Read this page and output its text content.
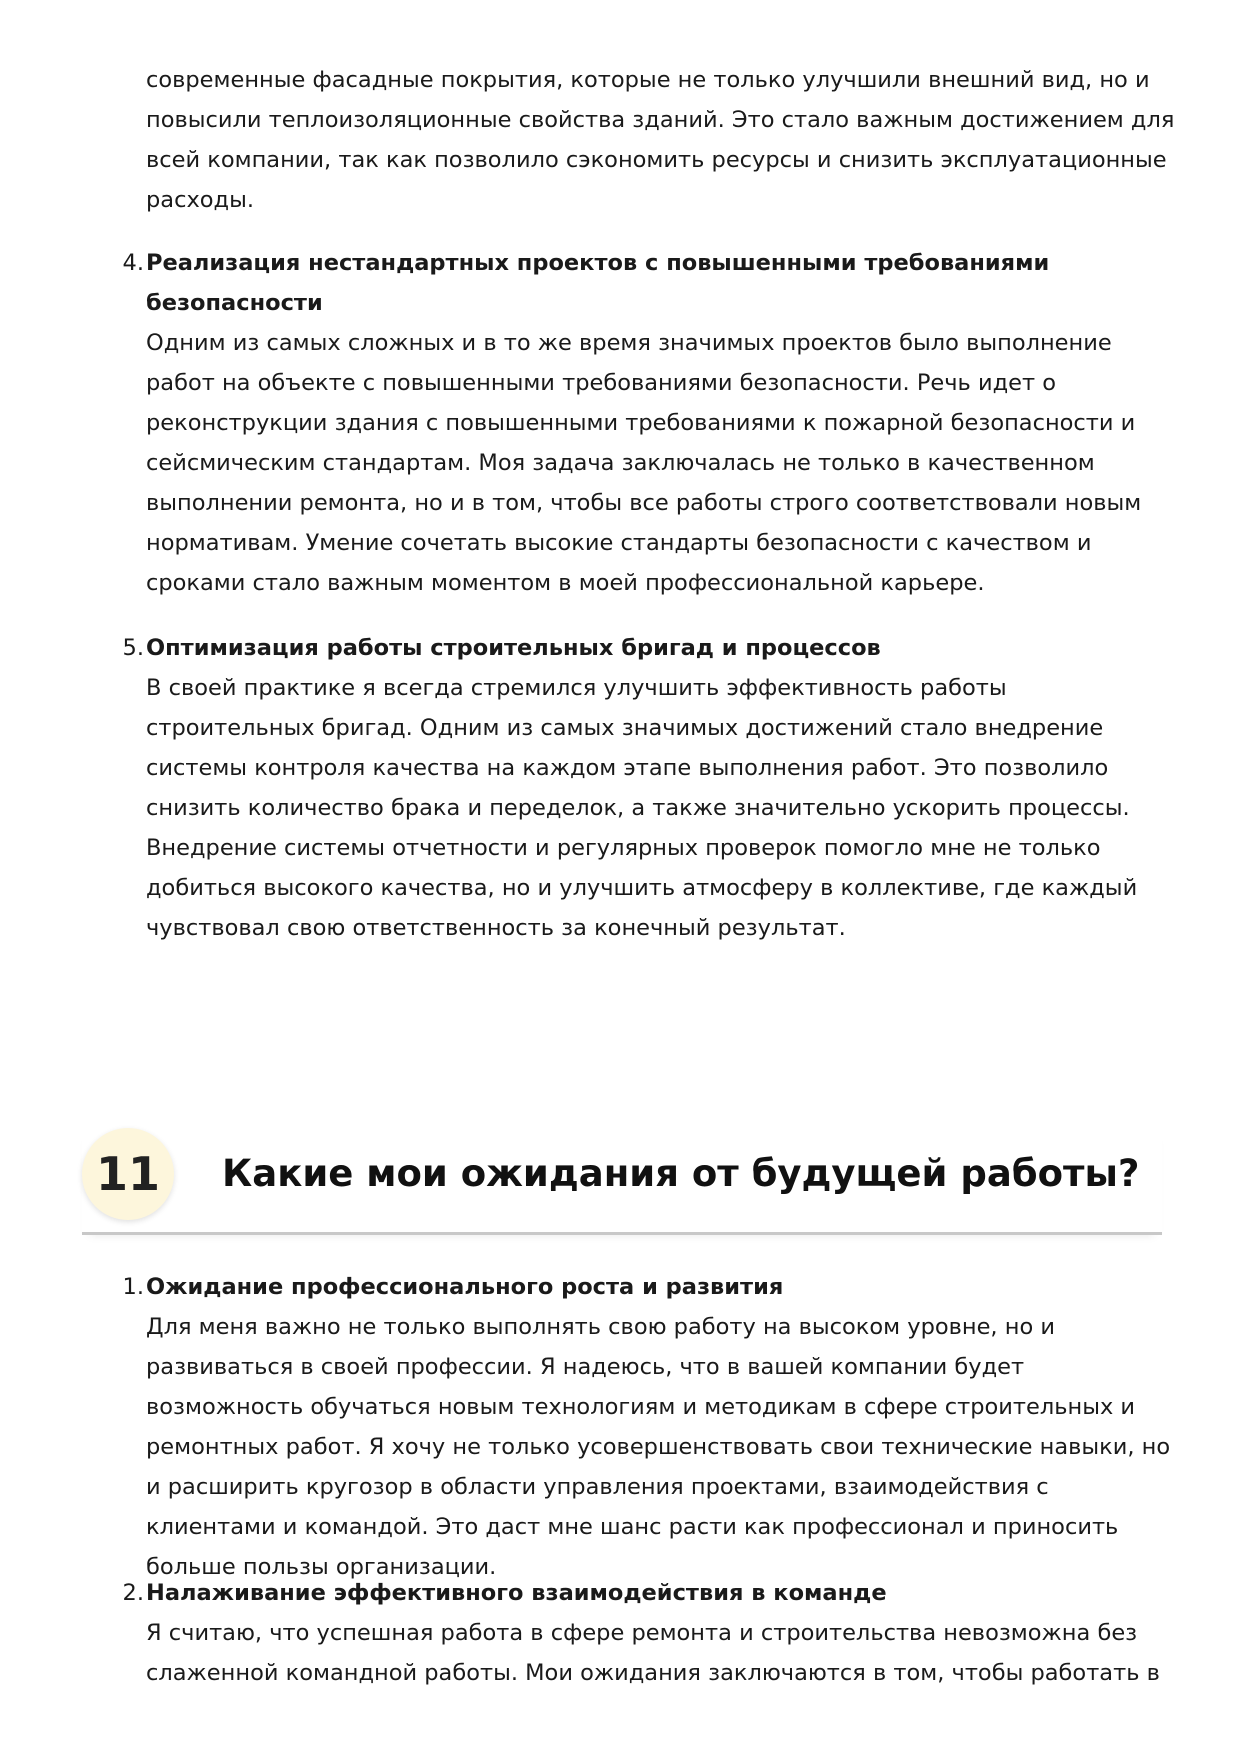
современные фасадные покрытия, которые не только улучшили внешний вид, но и повысили теплоизоляционные свойства зданий. Это стало важным достижением для всей компании, так как позволило сэкономить ресурсы и снизить эксплуатационные расходы.

4. Реализация нестандартных проектов с повышенными требованиями безопасности
Одним из самых сложных и в то же время значимых проектов было выполнение работ на объекте с повышенными требованиями безопасности. Речь идет о реконструкции здания с повышенными требованиями к пожарной безопасности и сейсмическим стандартам. Моя задача заключалась не только в качественном выполнении ремонта, но и в том, чтобы все работы строго соответствовали новым нормативам. Умение сочетать высокие стандарты безопасности с качеством и сроками стало важным моментом в моей профессиональной карьере.
5. Оптимизация работы строительных бригад и процессов
В своей практике я всегда стремился улучшить эффективность работы строительных бригад. Одним из самых значимых достижений стало внедрение системы контроля качества на каждом этапе выполнения работ. Это позволило снизить количество брака и переделок, а также значительно ускорить процессы. Внедрение системы отчетности и регулярных проверок помогло мне не только добиться высокого качества, но и улучшить атмосферу в коллективе, где каждый чувствовал свою ответственность за конечный результат.
11	Какие мои ожидания от будущей работы?
1. Ожидание профессионального роста и развития
Для меня важно не только выполнять свою работу на высоком уровне, но и развиваться в своей профессии. Я надеюсь, что в вашей компании будет возможность обучаться новым технологиям и методикам в сфере строительных и ремонтных работ. Я хочу не только усовершенствовать свои технические навыки, но и расширить кругозор в области управления проектами, взаимодействия с клиентами и командой. Это даст мне шанс расти как профессионал и приносить больше пользы организации.
2. Налаживание эффективного взаимодействия в команде
Я считаю, что успешная работа в сфере ремонта и строительства невозможна без слаженной командной работы. Мои ожидания заключаются в том, чтобы работать в
